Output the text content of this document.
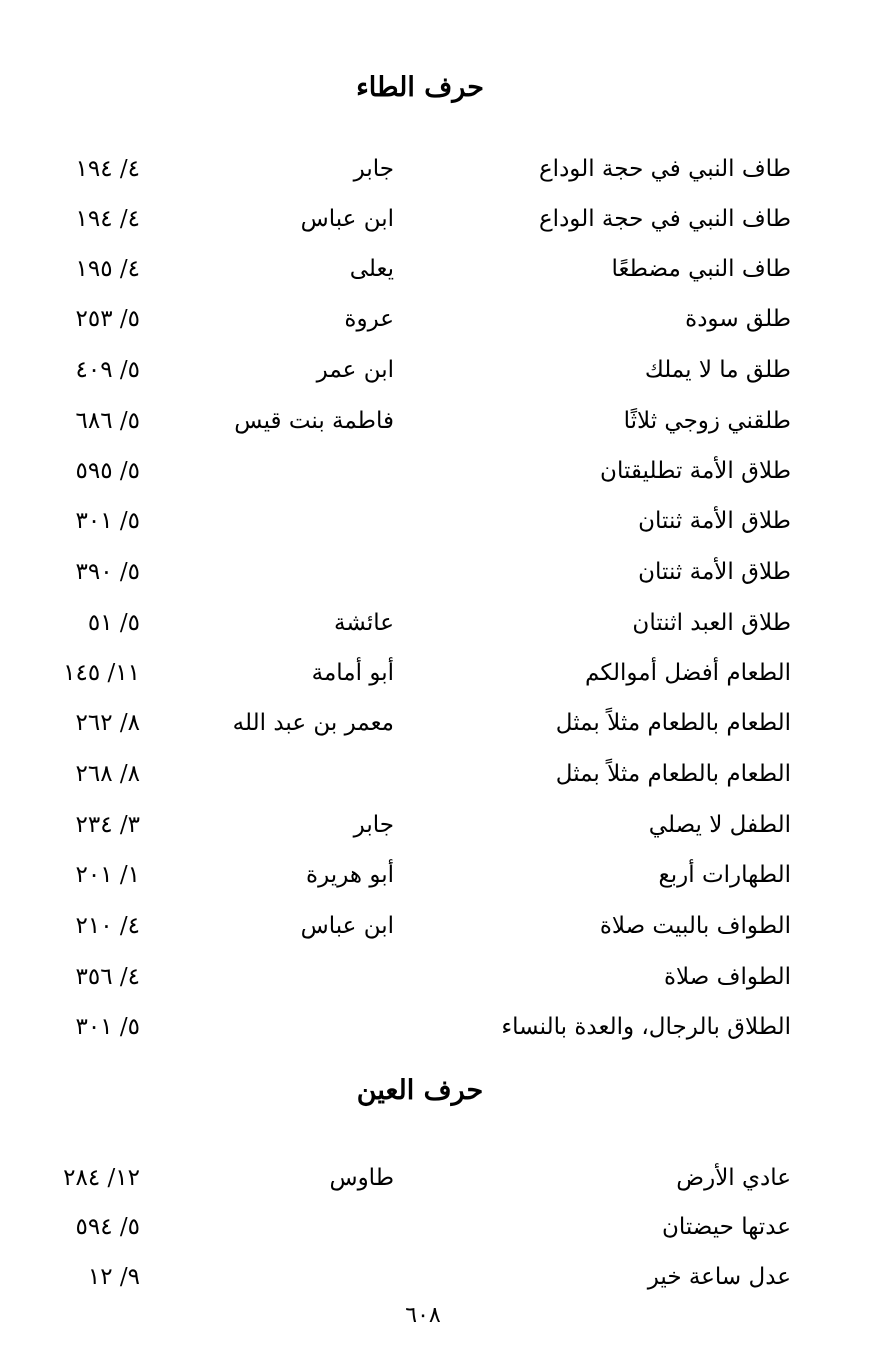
حرف الطاء
طاف النبي في حجة الوداع
جابر
٤/ ١٩٤
طاف النبي في حجة الوداع
ابن عباس
٤/ ١٩٤
طاف النبي مضطعًا
يعلى
٤/ ١٩٥
طلق سودة
عروة
٥/ ٢٥٣
طلق ما لا يملك
ابن عمر
٥/ ٤٠٩
طلقني زوجي ثلاثًا
فاطمة بنت قيس
٥/ ٦٨٦
طلاق الأمة تطليقتان
٥/ ٥٩٥
طلاق الأمة ثنتان
٥/ ٣٠١
طلاق الأمة ثنتان
٥/ ٣٩٠
طلاق العبد اثنتان
عائشة
٥/ ٥١
الطعام أفضل أموالكم
أبو أمامة
١١/ ١٤٥
الطعام بالطعام مثلاً بمثل
معمر بن عبد الله
٨/ ٢٦٢
الطعام بالطعام مثلاً بمثل
٨/ ٢٦٨
الطفل لا يصلي
جابر
٣/ ٢٣٤
الطهارات أربع
أبو هريرة
١/ ٢٠١
الطواف بالبيت صلاة
ابن عباس
٤/ ٢١٠
الطواف صلاة
٤/ ٣٥٦
الطلاق بالرجال، والعدة بالنساء
٥/ ٣٠١
حرف العين
عادي الأرض
طاوس
١٢/ ٢٨٤
عدتها حيضتان
٥/ ٥٩٤
عدل ساعة خير
٩/ ١٢
٦٠٨
